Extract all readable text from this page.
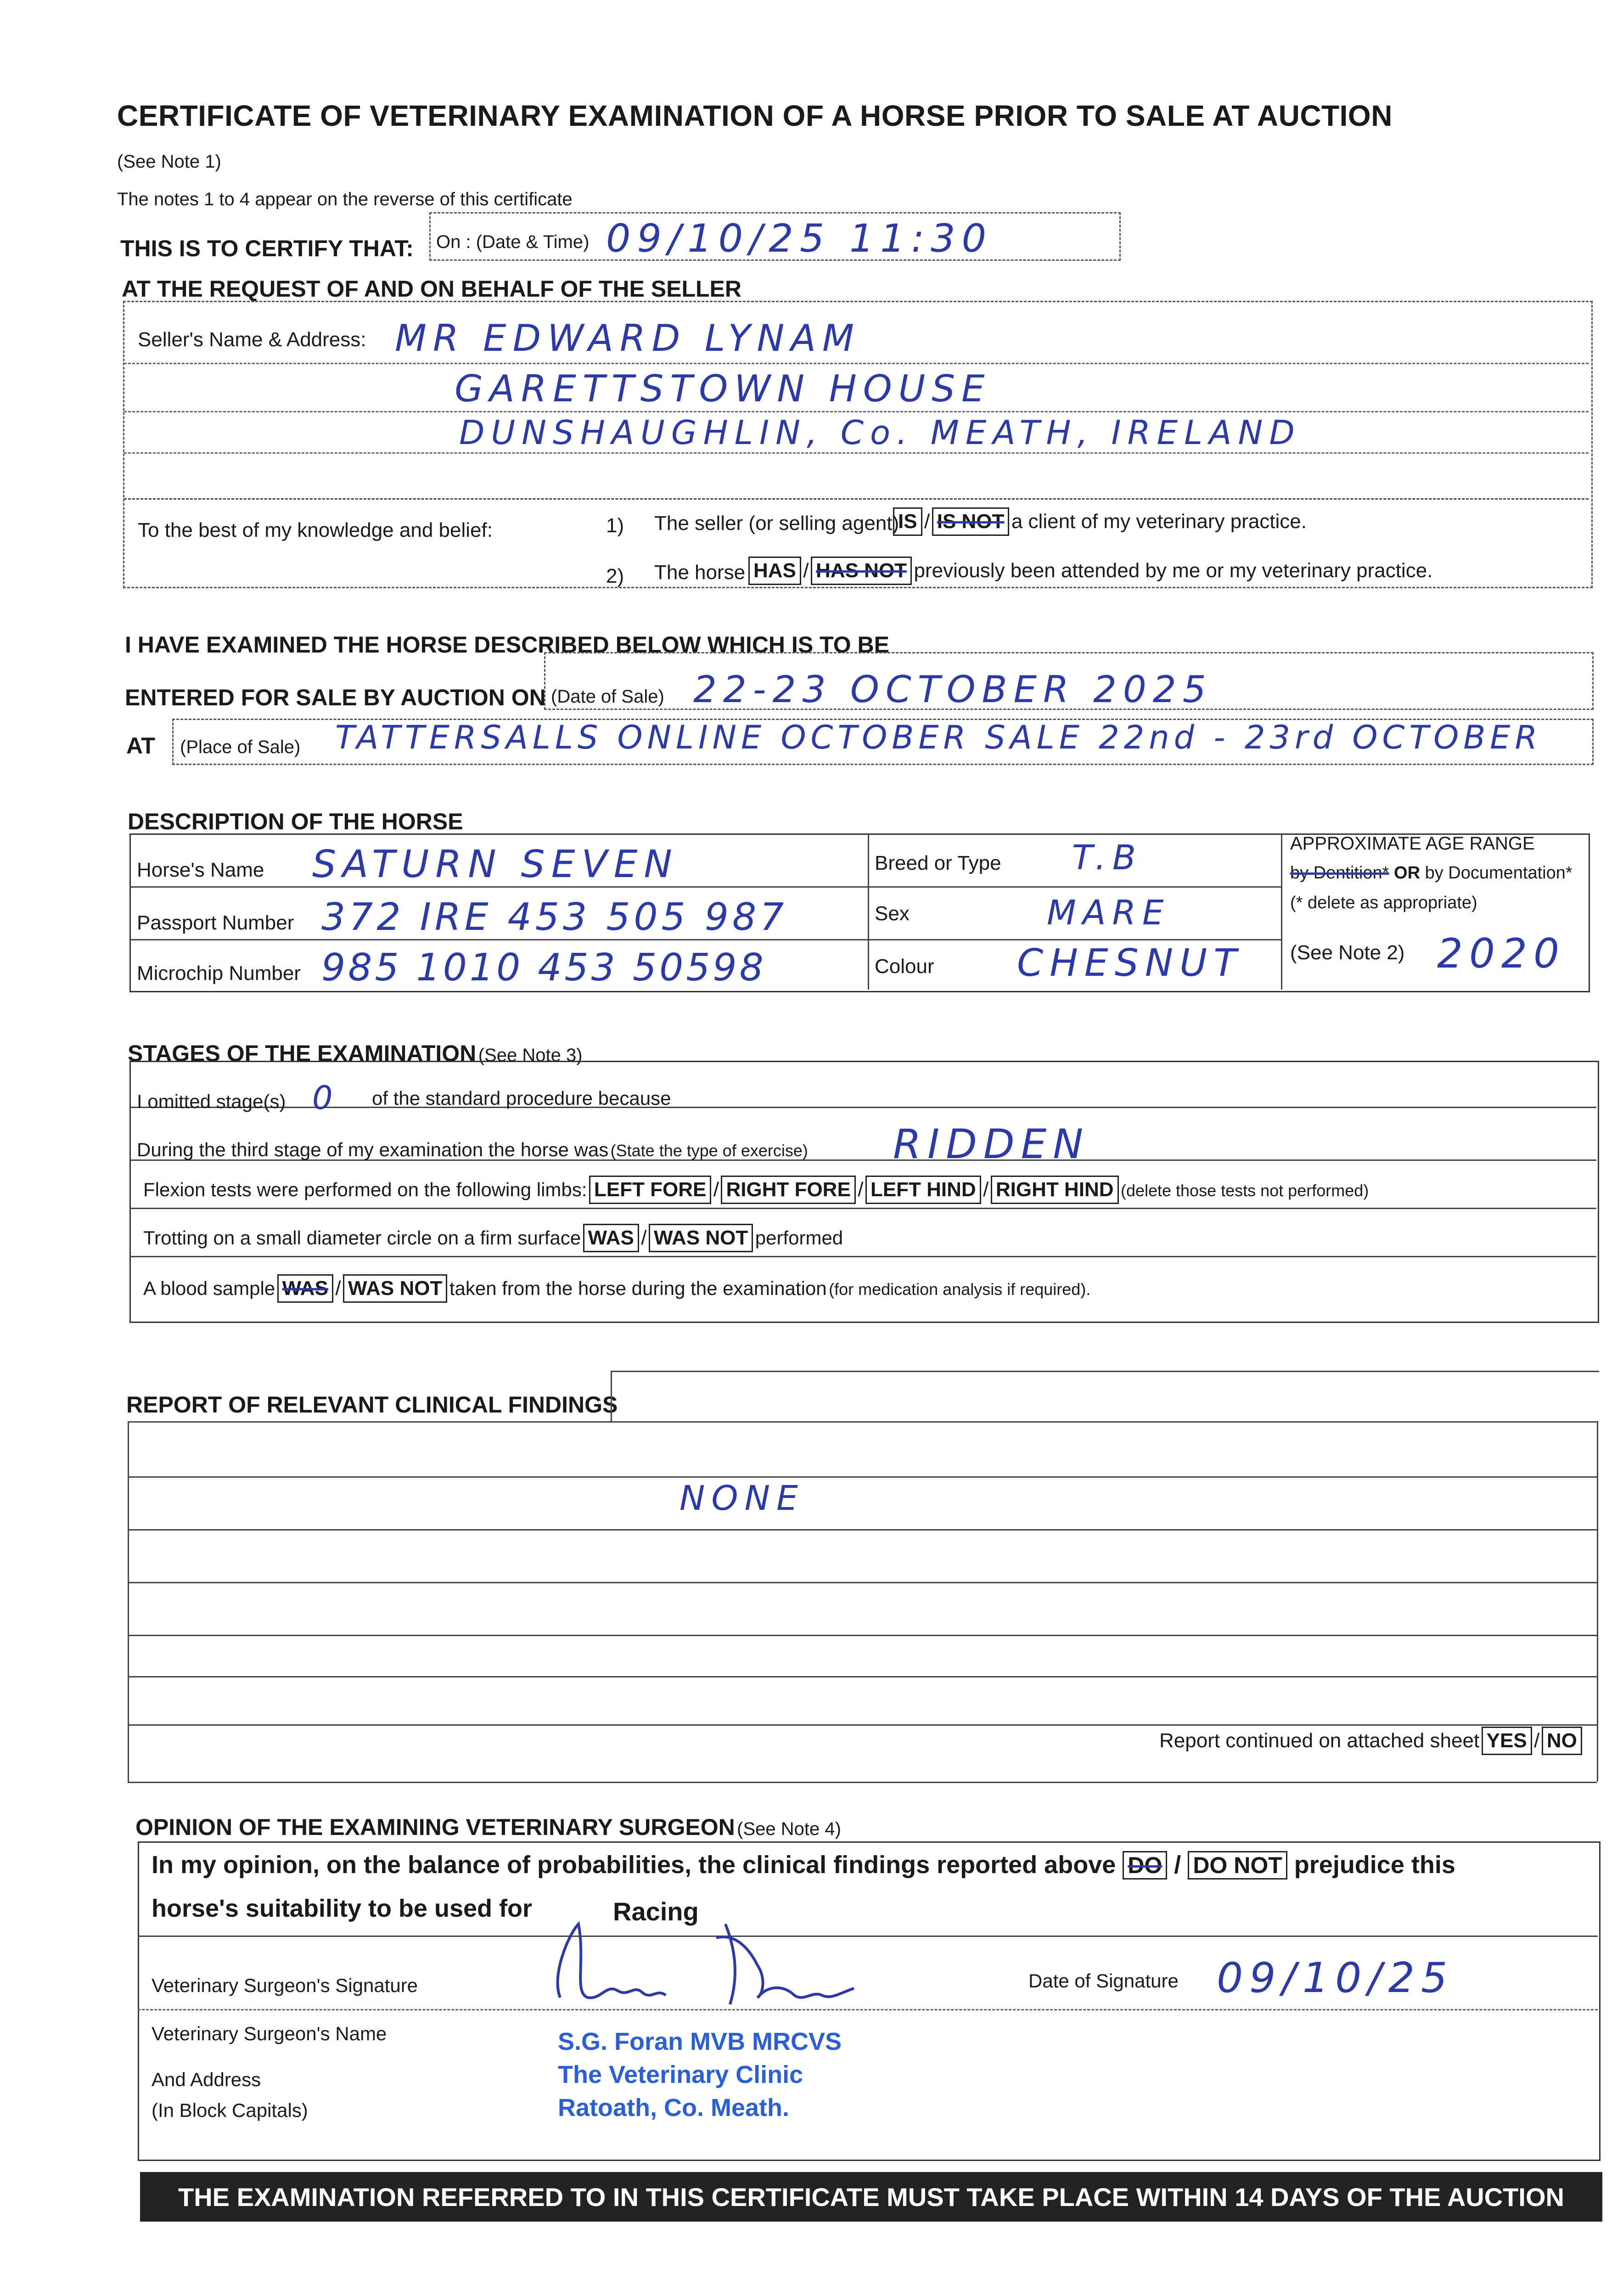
CERTIFICATE OF VETERINARY EXAMINATION OF A HORSE PRIOR TO SALE AT AUCTION
(See Note 1)
The notes 1 to 4 appear on the reverse of this certificate
THIS IS TO CERTIFY THAT: On : (Date & Time) 09/10/25 11:30
AT THE REQUEST OF AND ON BEHALF OF THE SELLER
Seller's Name & Address: MR EDWARD LYNAM
GARETTSTOWN HOUSE
DUNSHAUGHLIN, Co. MEATH, IRELAND
To the best of my knowledge and belief:	1) The seller (or selling agent)
IS / IS NOT a client of my veterinary practice.
2) The horse HAS / HAS NOT previously been attended by me or my veterinary practice.
I HAVE EXAMINED THE HORSE DESCRIBED BELOW WHICH IS TO BE
ENTERED FOR SALE BY AUCTION ON (Date of Sale) 22-23 OCTOBER 2025
AT (Place of Sale) TATTERSALLS ONLINE OCTOBER SALE 22nd - 23rd OCTOBER
DESCRIPTION OF THE HORSE
Horse's Name SATURN SEVEN
Passport Number 372 IRE 453 505 987
Microchip Number 985 1010 453 50598
Breed or Type T.B
Sex	MARE
Colour CHESNUT
APPROXIMATE AGE RANGE
by Dentition* OR by Documentation*
(* delete as appropriate)
(See Note 2) 2020
STAGES OF THE EXAMINATION (See Note 3)
I omitted stage(s) 0 of the standard procedure because
During the third stage of my examination the horse was (State the type of exercise) RIDDEN
Flexion tests were performed on the following limbs: LEFT FORE / RIGHT FORE / LEFT HIND / RIGHT HIND (delete those tests not performed)
Trotting on a small diameter circle on a firm surface WAS / WAS NOT performed
A blood sample WAS / WAS NOT taken from the horse during the examination (for medication analysis if required).
REPORT OF RELEVANT CLINICAL FINDINGS
NONE
Report continued on attached sheet YES / NO
OPINION OF THE EXAMINING VETERINARY SURGEON (See Note 4)
In my opinion, on the balance of probabilities, the clinical findings reported above DO / DO NOT prejudice this
horse's suitability to be used for	Racing
Veterinary Surgeon's Signature	Date of Signature 09/10/25
Veterinary Surgeon's Name
And Address
(In Block Capitals)
S.G. Foran MVB MRCVS
The Veterinary Clinic
Ratoath, Co. Meath.
THE EXAMINATION REFERRED TO IN THIS CERTIFICATE MUST TAKE PLACE WITHIN 14 DAYS OF THE AUCTION
